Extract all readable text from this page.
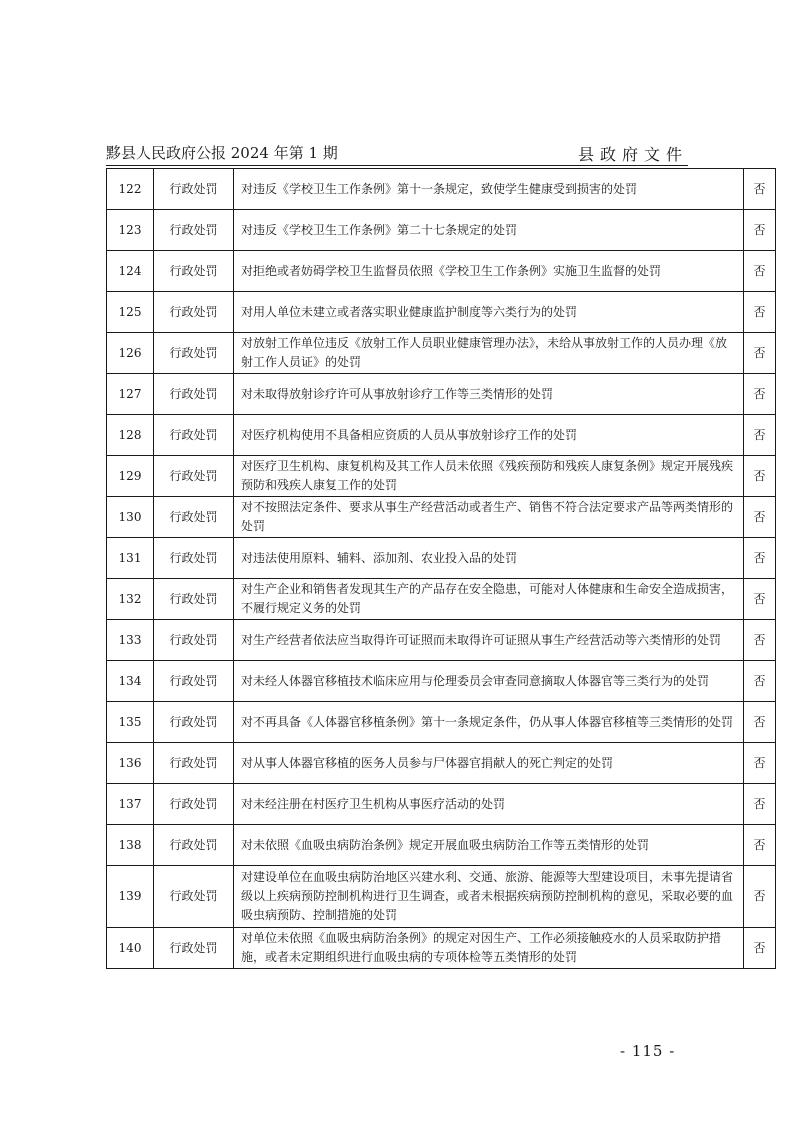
黟县人民政府公报 2024 年第 1 期	县政府文件
122	行政处罚	对违反《学校卫生工作条例》第十一条规定，致使学生健康受到损害的处罚	否
123	行政处罚	对违反《学校卫生工作条例》第二十七条规定的处罚	否
124	行政处罚	对拒绝或者妨碍学校卫生监督员依照《学校卫生工作条例》实施卫生监督的处罚	否
125	行政处罚	对用人单位未建立或者落实职业健康监护制度等六类行为的处罚	否
126	行政处罚	对放射工作单位违反《放射工作人员职业健康管理办法》，未给从事放射工作的人员办理《放射工作人员证》的处罚	否
127	行政处罚	对未取得放射诊疗许可从事放射诊疗工作等三类情形的处罚	否
128	行政处罚	对医疗机构使用不具备相应资质的人员从事放射诊疗工作的处罚	否
129	行政处罚	对医疗卫生机构、康复机构及其工作人员未依照《残疾预防和残疾人康复条例》规定开展残疾预防和残疾人康复工作的处罚	否
130	行政处罚	对不按照法定条件、要求从事生产经营活动或者生产、销售不符合法定要求产品等两类情形的处罚	否
131	行政处罚	对违法使用原料、辅料、添加剂、农业投入品的处罚	否
132	行政处罚	对生产企业和销售者发现其生产的产品存在安全隐患，可能对人体健康和生命安全造成损害，不履行规定义务的处罚	否
133	行政处罚	对生产经营者依法应当取得许可证照而未取得许可证照从事生产经营活动等六类情形的处罚	否
134	行政处罚	对未经人体器官移植技术临床应用与伦理委员会审查同意摘取人体器官等三类行为的处罚	否
135	行政处罚	对不再具备《人体器官移植条例》第十一条规定条件，仍从事人体器官移植等三类情形的处罚	否
136	行政处罚	对从事人体器官移植的医务人员参与尸体器官捐献人的死亡判定的处罚	否
137	行政处罚	对未经注册在村医疗卫生机构从事医疗活动的处罚	否
138	行政处罚	对未依照《血吸虫病防治条例》规定开展血吸虫病防治工作等五类情形的处罚	否
139	行政处罚	对建设单位在血吸虫病防治地区兴建水利、交通、旅游、能源等大型建设项目，未事先提请省级以上疾病预防控制机构进行卫生调查，或者未根据疾病预防控制机构的意见，采取必要的血吸虫病预防、控制措施的处罚	否
140	行政处罚	对单位未依照《血吸虫病防治条例》的规定对因生产、工作必须接触疫水的人员采取防护措施，或者未定期组织进行血吸虫病的专项体检等五类情形的处罚	否
- 115 -
